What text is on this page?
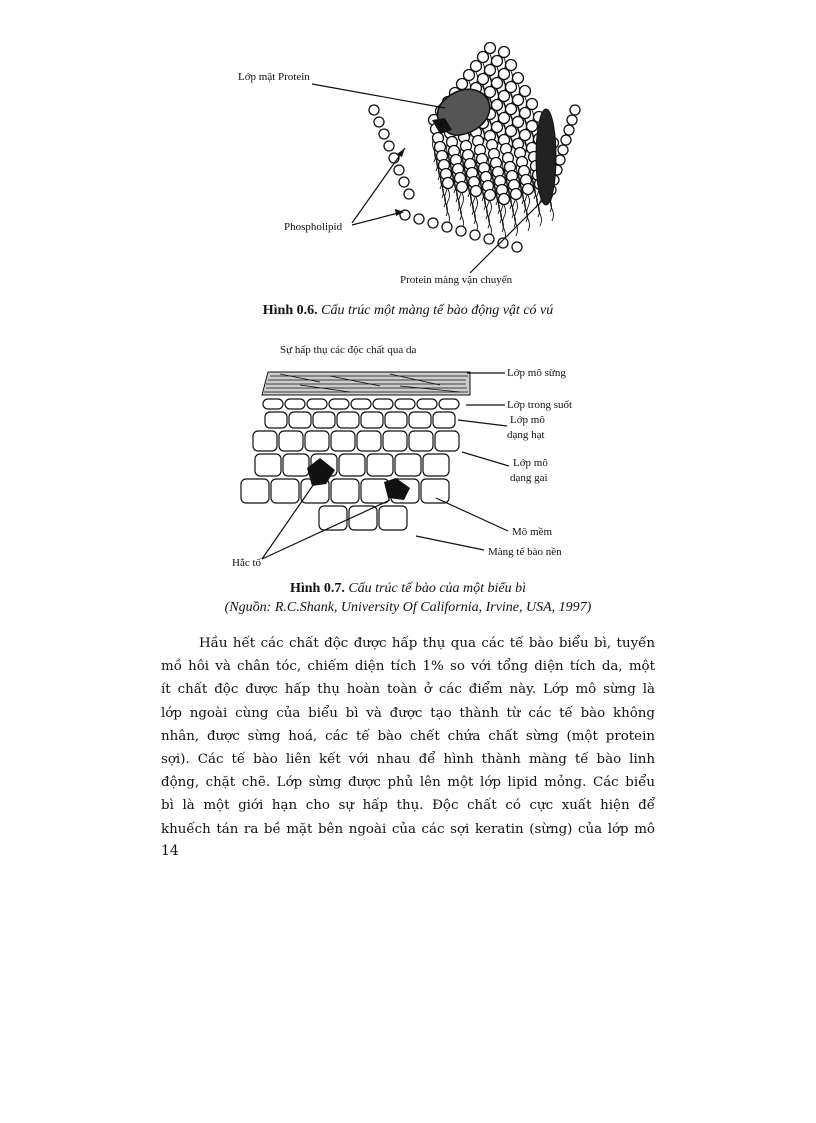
Lớp mặt Protein
Phospholipid
Protein màng vận chuyển
Hình 0.6. Cấu trúc một màng tế bào động vật có vú
Sự hấp thụ các độc chất qua da
Lớp mô sừng
Lớp trong suốt
Lớp mô
dạng hạt
Lớp mô
dạng gai
Mô mềm
Màng tế bào nền
Hắc tố
Hình 0.7. Cấu trúc tế bào của một biểu bì
(Nguồn: R.C.Shank, University Of California, Irvine, USA, 1997)
Hầu hết các chất độc được hấp thụ qua các tế bào biểu bì, tuyến
mồ hôi và chân tóc, chiếm diện tích 1% so với tổng diện tích da, một
ít chất độc được hấp thụ hoàn toàn ở các điểm này. Lớp mô sừng là
lớp ngoài cùng của biểu bì và được tạo thành từ các tế bào không
nhân, được sừng hoá, các tế bào chết chứa chất sừng (một protein
sợi). Các tế bào liên kết với nhau để hình thành màng tế bào linh
động, chặt chẽ. Lớp sừng được phủ lên một lớp lipid mỏng. Các biểu
bì là một giới hạn cho sự hấp thụ. Độc chất có cực xuất hiện để
khuếch tán ra bề mặt bên ngoài của các sợi keratin (sừng) của lớp mô
14
